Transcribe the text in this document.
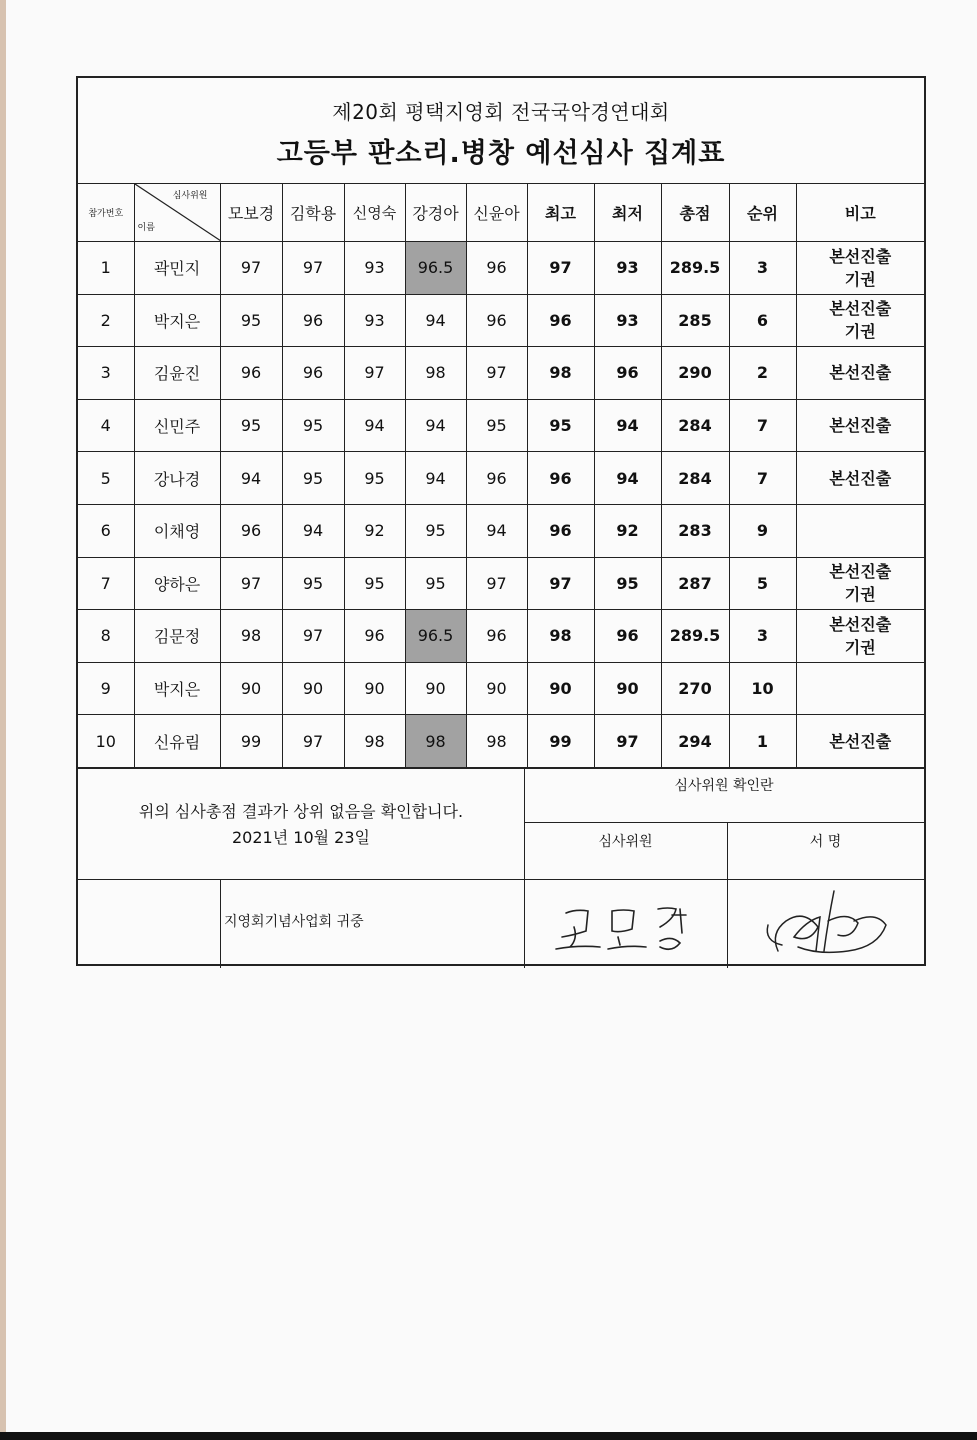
제20회 평택지영회 전국국악경연대회
고등부 판소리.병창 예선심사 집계표
참가번호	심사위원
이름	모보경	김학용	신영숙	강경아	신윤아	최고	최저	총점	순위	비고
1	곽민지	97	97	93	96.5	96	97	93	289.5	3	본선진출
기권

2	박지은	95	96	93	94	96	96	93	285	6	본선진출
기권

3	김윤진	96	96	97	98	97	98	96	290	2	본선진출

4	신민주	95	95	94	94	95	95	94	284	7	본선진출

5	강나경	94	95	95	94	96	96	94	284	7	본선진출

6	이채영	96	94	92	95	94	96	92	283	9	

7	양하은	97	95	95	95	97	97	95	287	5	본선진출
기권

8	김문정	98	97	96	96.5	96	98	96	289.5	3	본선진출
기권

9	박지은	90	90	90	90	90	90	90	270	10	

10	신유림	99	97	98	98	98	99	97	294	1	본선진출
위의 심사총점 결과가 상위 없음을 확인합니다.
2021년 10월 23일
심사위원 확인란
심사위원	서 명
지영회기념사업회 귀중
